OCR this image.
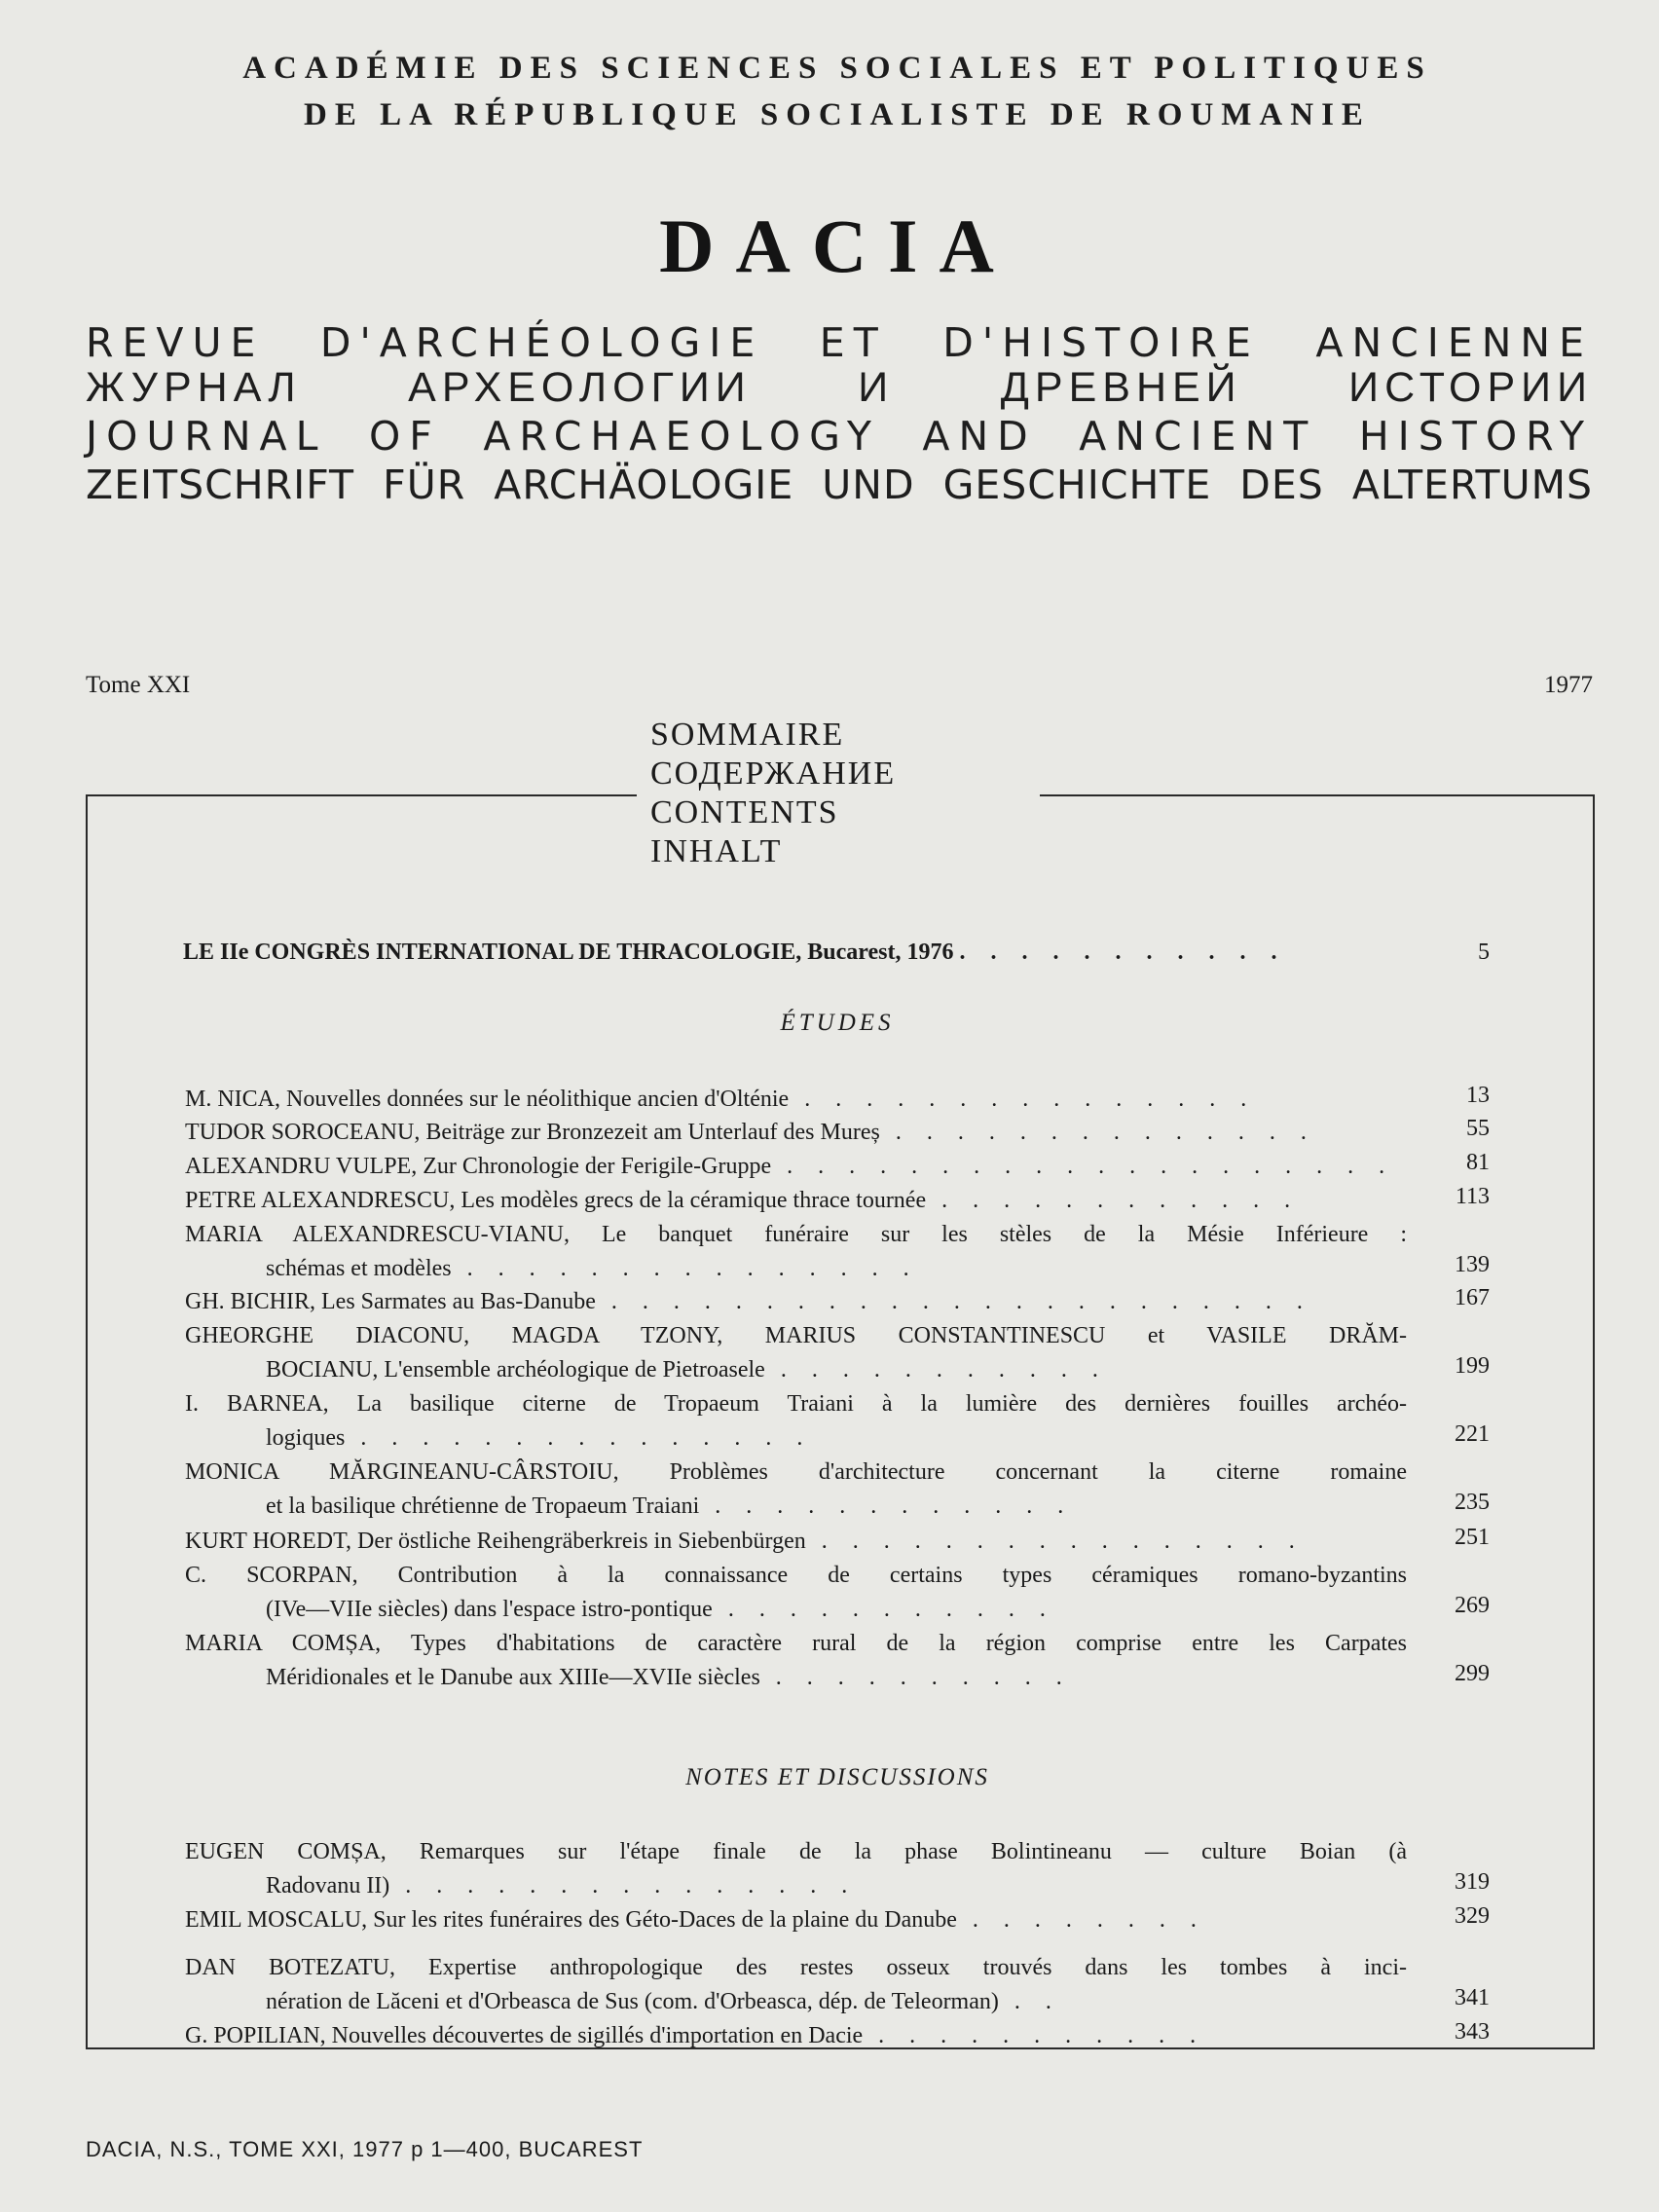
ACADÉMIE DES SCIENCES SOCIALES ET POLITIQUES
DE LA RÉPUBLIQUE SOCIALISTE DE ROUMANIE
DACIA
REVUE D'ARCHÉOLOGIE ET D'HISTOIRE ANCIENNE
ЖУРНАЛ АРХЕОЛОГИИ И ДРЕВНЕЙ ИСТОРИИ
JOURNAL OF ARCHAEOLOGY AND ANCIENT HISTORY
ZEITSCHRIFT FÜR ARCHÄOLOGIE UND GESCHICHTE DES ALTERTUMS
Tome XXI	1977
SOMMAIRE
СОДЕРЖАНИЕ
CONTENTS
INHALT
LE IIe CONGRÈS INTERNATIONAL DE THRACOLOGIE, Bucarest, 1976 . . . . . . . . . . .	5
ÉTUDES
M. NICA, Nouvelles données sur le néolithique ancien d'Olténie . . . . . . . . . . . . . . .	13
TUDOR SOROCEANU, Beiträge zur Bronzezeit am Unterlauf des Mureș . . . . . . . . . . . . . .	55
ALEXANDRU VULPE, Zur Chronologie der Ferigile-Gruppe . . . . . . . . . . . . . . . . . . . .	81
PETRE ALEXANDRESCU, Les modèles grecs de la céramique thrace tournée . . . . . . . . . . . .	113
MARIA ALEXANDRESCU-VIANU, Le banquet funéraire sur les stèles de la Mésie Inférieure :
schémas et modèles . . . . . . . . . . . . . . .	139
GH. BICHIR, Les Sarmates au Bas-Danube . . . . . . . . . . . . . . . . . . . . . . .	167
GHEORGHE DIACONU, MAGDA TZONY, MARIUS CONSTANTINESCU et VASILE DRĂM-
BOCIANU, L'ensemble archéologique de Pietroasele . . . . . . . . . . .	199
I. BARNEA, La basilique citerne de Tropaeum Traiani à la lumière des dernières fouilles archéo-
logiques . . . . . . . . . . . . . . .	221
MONICA MĂRGINEANU-CÂRSTOIU, Problèmes d'architecture concernant la citerne romaine
et la basilique chrétienne de Tropaeum Traiani . . . . . . . . . . . .	235
KURT HOREDT, Der östliche Reihengräberkreis in Siebenbürgen . . . . . . . . . . . . . . . .	251
C. SCORPAN, Contribution à la connaissance de certains types céramiques romano-byzantins
(IVe—VIIe siècles) dans l'espace istro-pontique . . . . . . . . . . .	269
MARIA COMȘA, Types d'habitations de caractère rural de la région comprise entre les Carpates
Méridionales et le Danube aux XIIIe—XVIIe siècles . . . . . . . . . .	299
NOTES ET DISCUSSIONS
EUGEN COMȘA, Remarques sur l'étape finale de la phase Bolintineanu — culture Boian (à
Radovanu II) . . . . . . . . . . . . . . .	319
EMIL MOSCALU, Sur les rites funéraires des Géto-Daces de la plaine du Danube . . . . . . . .	329
DAN BOTEZATU, Expertise anthropologique des restes osseux trouvés dans les tombes à inci-
nération de Lăceni et d'Orbeasca de Sus (com. d'Orbeasca, dép. de Teleorman) . .	341
G. POPILIAN, Nouvelles découvertes de sigillés d'importation en Dacie . . . . . . . . . . .	343
DACIA, N.S., TOME XXI, 1977 p 1—400, BUCAREST
